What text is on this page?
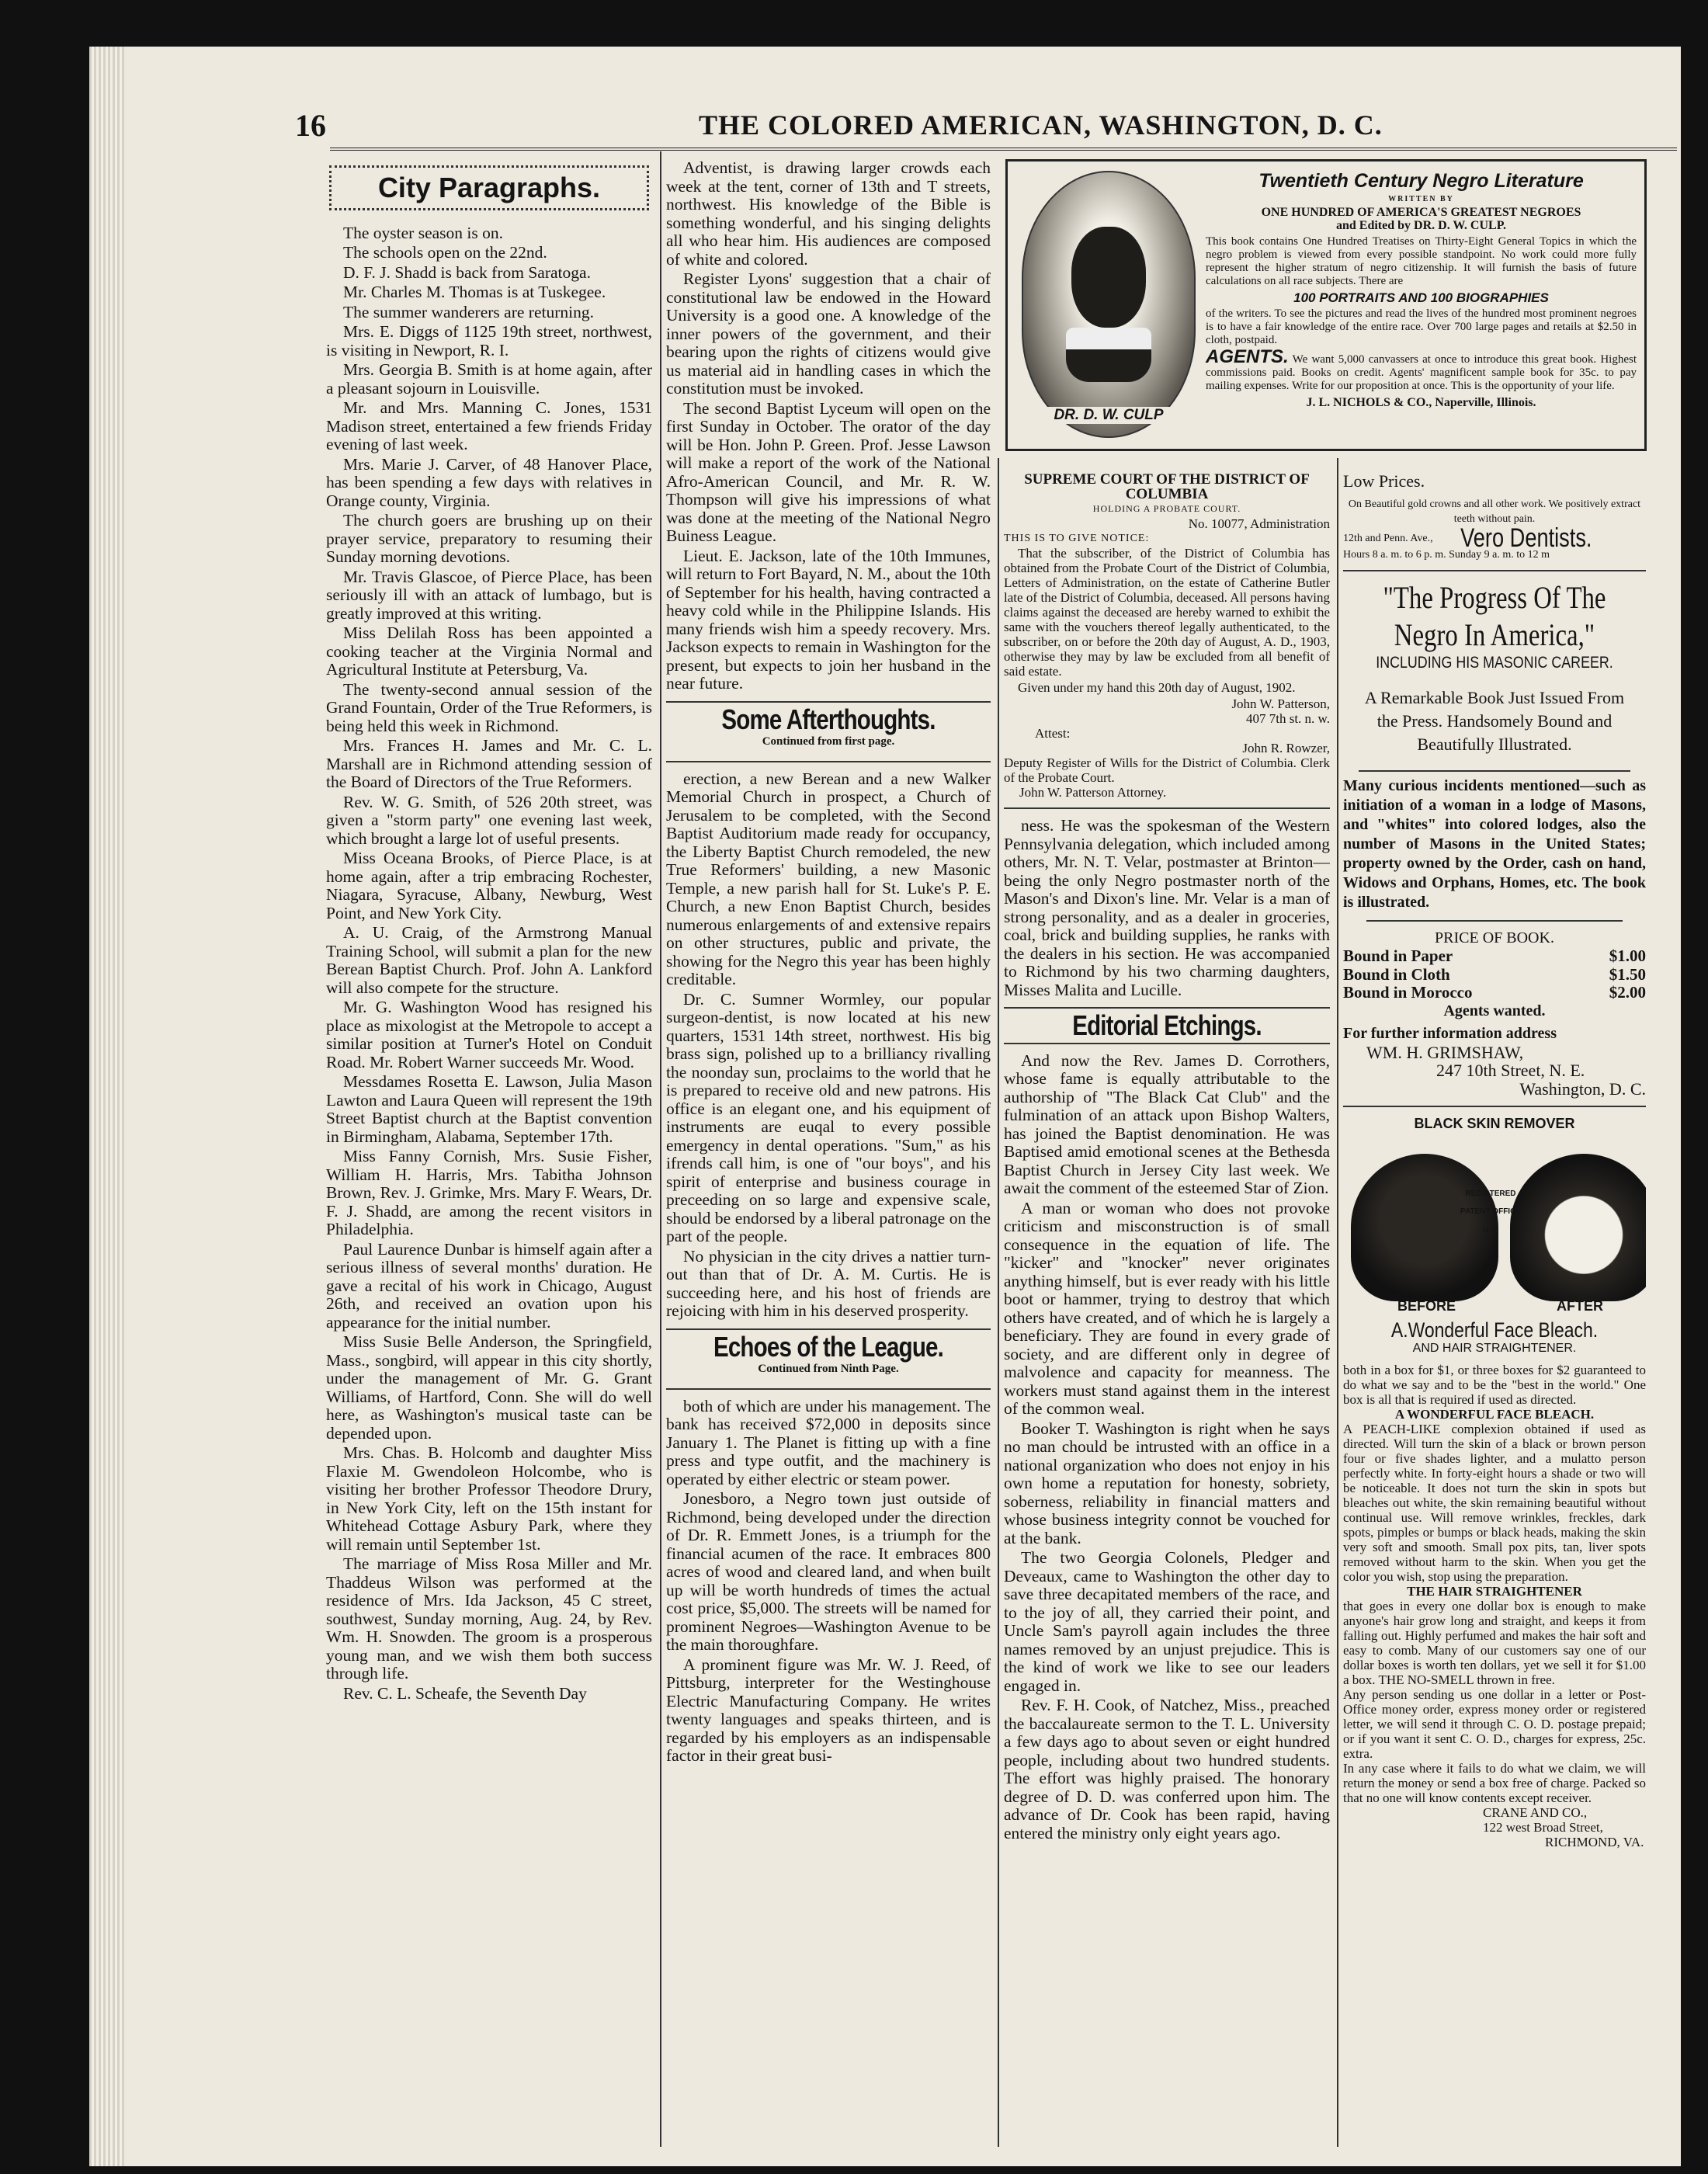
16	THE COLORED AMERICAN, WASHINGTON, D. C.
City Paragraphs.

The oyster season is on.

The schools open on the 22nd.

D. F. J. Shadd is back from Saratoga.

Mr. Charles M. Thomas is at Tuskegee.

The summer wanderers are returning.

Mrs. E. Diggs of 1125 19th street, northwest, is visiting in Newport, R. I.

Mrs. Georgia B. Smith is at home again, after a pleasant sojourn in Louisville.

Mr. and Mrs. Manning C. Jones, 1531 Madison street, entertained a few friends Friday evening of last week.

Mrs. Marie J. Carver, of 48 Hanover Place, has been spending a few days with relatives in Orange county, Virginia.

The church goers are brushing up on their prayer service, preparatory to resuming their Sunday morning devotions.

Mr. Travis Glascoe, of Pierce Place, has been seriously ill with an attack of lumbago, but is greatly improved at this writing.

Miss Delilah Ross has been appointed a cooking teacher at the Virginia Normal and Agricultural Institute at Petersburg, Va.

The twenty-second annual session of the Grand Fountain, Order of the True Reformers, is being held this week in Richmond.

Mrs. Frances H. James and Mr. C. L. Marshall are in Richmond attending session of the Board of Directors of the True Reformers.

Rev. W. G. Smith, of 526 20th street, was given a "storm party" one evening last week, which brought a large lot of useful presents.

Miss Oceana Brooks, of Pierce Place, is at home again, after a trip embracing Rochester, Niagara, Syracuse, Albany, Newburg, West Point, and New York City.

A. U. Craig, of the Armstrong Manual Training School, will submit a plan for the new Berean Baptist Church. Prof. John A. Lankford will also compete for the structure.

Mr. G. Washington Wood has resigned his place as mixologist at the Metropole to accept a similar position at Turner's Hotel on Conduit Road. Mr. Robert Warner succeeds Mr. Wood.

Messdames Rosetta E. Lawson, Julia Mason Lawton and Laura Queen will represent the 19th Street Baptist church at the Baptist convention in Birmingham, Alabama, September 17th.

Miss Fanny Cornish, Mrs. Susie Fisher, William H. Harris, Mrs. Tabitha Johnson Brown, Rev. J. Grimke, Mrs. Mary F. Wears, Dr. F. J. Shadd, are among the recent visitors in Philadelphia.

Paul Laurence Dunbar is himself again after a serious illness of several months' duration. He gave a recital of his work in Chicago, August 26th, and received an ovation upon his appearance for the initial number.

Miss Susie Belle Anderson, the Springfield, Mass., songbird, will appear in this city shortly, under the management of Mr. G. Grant Williams, of Hartford, Conn. She will do well here, as Washington's musical taste can be depended upon.

Mrs. Chas. B. Holcomb and daughter Miss Flaxie M. Gwendoleon Holcombe, who is visiting her brother Professor Theodore Drury, in New York City, left on the 15th instant for Whitehead Cottage Asbury Park, where they will remain until September 1st.

The marriage of Miss Rosa Miller and Mr. Thaddeus Wilson was performed at the residence of Mrs. Ida Jackson, 45 C street, southwest, Sunday morning, Aug. 24, by Rev. Wm. H. Snowden. The groom is a prosperous young man, and we wish them both success through life.

Rev. C. L. Scheafe, the Seventh Day

Adventist, is drawing larger crowds each week at the tent, corner of 13th and T streets, northwest. His knowledge of the Bible is something wonderful, and his singing delights all who hear him. His audiences are composed of white and colored.

Register Lyons' suggestion that a chair of constitutional law be endowed in the Howard University is a good one. A knowledge of the inner powers of the government, and their bearing upon the rights of citizens would give us material aid in handling cases in which the constitution must be invoked.

The second Baptist Lyceum will open on the first Sunday in October. The orator of the day will be Hon. John P. Green. Prof. Jesse Lawson will make a report of the work of the National Afro-American Council, and Mr. R. W. Thompson will give his impressions of what was done at the meeting of the National Negro Buiness League.

Lieut. E. Jackson, late of the 10th Immunes, will return to Fort Bayard, N. M., about the 10th of September for his health, having contracted a heavy cold while in the Philippine Islands. His many friends wish him a speedy recovery. Mrs. Jackson expects to remain in Washington for the present, but expects to join her husband in the near future.

Some Afterthoughts.
Continued from first page.

erection, a new Berean and a new Walker Memorial Church in prospect, a Church of Jerusalem to be completed, with the Second Baptist Auditorium made ready for occupancy, the Liberty Baptist Church remodeled, the new True Reformers' building, a new Masonic Temple, a new parish hall for St. Luke's P. E. Church, a new Enon Baptist Church, besides numerous enlargements of and extensive repairs on other structures, public and private, the showing for the Negro this year has been highly creditable.

Dr. C. Sumner Wormley, our popular surgeon-dentist, is now located at his new quarters, 1531 14th street, northwest. His big brass sign, polished up to a brilliancy rivalling the noonday sun, proclaims to the world that he is prepared to receive old and new patrons. His office is an elegant one, and his equipment of instruments are euqal to every possible emergency in dental operations. "Sum," as his ifrends call him, is one of "our boys", and his spirit of enterprise and business courage in preceeding on so large and expensive scale, should be endorsed by a liberal patronage on the part of the people.

No physician in the city drives a nattier turn-out than that of Dr. A. M. Curtis. He is succeeding here, and his host of friends are rejoicing with him in his deserved prosperity.

Echoes of the League.
Continued from Ninth Page.

both of which are under his management. The bank has received $72,000 in deposits since January 1. The Planet is fitting up with a fine press and type outfit, and the machinery is operated by either electric or steam power.

Jonesboro, a Negro town just outside of Richmond, being developed under the direction of Dr. R. Emmett Jones, is a triumph for the financial acumen of the race. It embraces 800 acres of wood and cleared land, and when built up will be worth hundreds of times the actual cost price, $5,000. The streets will be named for prominent Negroes—Washington Avenue to be the main thoroughfare.

A prominent figure was Mr. W. J. Reed, of Pittsburg, interpreter for the Westinghouse Electric Manufacturing Company. He writes twenty languages and speaks thirteen, and is regarded by his employers as an indispensable factor in their great busi-

DR. D. W. CULP
Twentieth Century Negro Literature
WRITTEN BY
ONE HUNDRED OF AMERICA'S GREATEST NEGROES
and Edited by DR. D. W. CULP.
This book contains One Hundred Treatises on Thirty-Eight General Topics in which the negro problem is viewed from every possible standpoint. No work could more fully represent the higher stratum of negro citizenship. It will furnish the basis of future calculations on all race subjects. There are
100 PORTRAITS AND 100 BIOGRAPHIES
of the writers. To see the pictures and read the lives of the hundred most prominent negroes is to have a fair knowledge of the entire race. Over 700 large pages and retails at $2.50 in cloth, postpaid.
AGENTS. We want 5,000 canvassers at once to introduce this great book. Highest commissions paid. Books on credit. Agents' magnificent sample book for 35c. to pay mailing expenses. Write for our proposition at once. This is the opportunity of your life.
J. L. NICHOLS & CO., Naperville, Illinois.
SUPREME COURT OF THE DISTRICT OF COLUMBIA
HOLDING A PROBATE COURT.
No. 10077, Administration
THIS IS TO GIVE NOTICE:

That the subscriber, of the District of Columbia has obtained from the Probate Court of the District of Columbia, Letters of Administration, on the estate of Catherine Butler late of the District of Columbia, deceased. All persons having claims against the deceased are hereby warned to exhibit the same with the vouchers thereof legally authenticated, to the subscriber, on or before the 20th day of August, A. D., 1903, otherwise they may by law be excluded from all benefit of said estate.

Given under my hand this 20th day of August, 1902.

John W. Patterson,
407 7th st. n. w.
Attest:
John R. Rowzer,
Deputy Register of Wills for the District of Columbia. Clerk of the Probate Court.
John W. Patterson Attorney.

ness. He was the spokesman of the Western Pennsylvania delegation, which included among others, Mr. N. T. Velar, postmaster at Brinton—being the only Negro postmaster north of the Mason's and Dixon's line. Mr. Velar is a man of strong personality, and as a dealer in groceries, coal, brick and building supplies, he ranks with the dealers in his section. He was accompanied to Richmond by his two charming daughters, Misses Malita and Lucille.

Editorial Etchings.

And now the Rev. James D. Corrothers, whose fame is equally attributable to the authorship of "The Black Cat Club" and the fulmination of an attack upon Bishop Walters, has joined the Baptist denomination. He was Baptised amid emotional scenes at the Bethesda Baptist Church in Jersey City last week. We await the comment of the esteemed Star of Zion.

A man or woman who does not provoke criticism and misconstruction is of small consequence in the equation of life. The "kicker" and "knocker" never originates anything himself, but is ever ready with his little boot or hammer, trying to destroy that which others have created, and of which he is largely a beneficiary. They are found in every grade of society, and are different only in degree of malvolence and capacity for meanness. The workers must stand against them in the interest of the common weal.

Booker T. Washington is right when he says no man chould be intrusted with an office in a national organization who does not enjoy in his own home a reputation for honesty, sobriety, soberness, reliability in financial matters and whose business integrity connot be vouched for at the bank.

The two Georgia Colonels, Pledger and Deveaux, came to Washington the other day to save three decapitated members of the race, and to the joy of all, they carried their point, and Uncle Sam's payroll again includes the three names removed by an unjust prejudice. This is the kind of work we like to see our leaders engaged in.

Rev. F. H. Cook, of Natchez, Miss., preached the baccalaureate sermon to the T. L. University a few days ago to about seven or eight hundred people, including about two hundred students. The effort was highly praised. The honorary degree of D. D. was conferred upon him. The advance of Dr. Cook has been rapid, having entered the ministry only eight years ago.

Low Prices.
On Beautiful gold crowns and all other work. We positively extract teeth without pain.
12th and Penn. Ave., Vero Dentists.
Hours 8 a. m. to 6 p. m. Sunday 9 a. m. to 12 m
"The Progress Of The
Negro In America,"
INCLUDING HIS MASONIC CAREER.
A Remarkable Book Just Issued From the Press. Handsomely Bound and Beautifully Illustrated.
Many curious incidents mentioned—such as initiation of a woman in a lodge of Masons, and "whites" into colored lodges, also the number of Masons in the United States; property owned by the Order, cash on hand, Widows and Orphans, Homes, etc. The book is illustrated.
PRICE OF BOOK.
Bound in Paper	$1.00
Bound in Cloth	$1.50
Bound in Morocco	$2.00
Agents wanted.
For further information address
WM. H. GRIMSHAW,
247 10th Street, N. E.
Washington, D. C.
BLACK SKIN REMOVER
REGISTERED PATENT OFFICE U.S.
BEFORE	AFTER
A.Wonderful Face Bleach.
AND HAIR STRAIGHTENER.
both in a box for $1, or three boxes for $2 guaranteed to do what we say and to be the "best in the world." One box is all that is required if used as directed.
A WONDERFUL FACE BLEACH.
A PEACH-LIKE complexion obtained if used as directed. Will turn the skin of a black or brown person four or five shades lighter, and a mulatto person perfectly white. In forty-eight hours a shade or two will be noticeable. It does not turn the skin in spots but bleaches out white, the skin remaining beautiful without continual use. Will remove wrinkles, freckles, dark spots, pimples or bumps or black heads, making the skin very soft and smooth. Small pox pits, tan, liver spots removed without harm to the skin. When you get the color you wish, stop using the preparation.
THE HAIR STRAIGHTENER
that goes in every one dollar box is enough to make anyone's hair grow long and straight, and keeps it from falling out. Highly perfumed and makes the hair soft and easy to comb. Many of our customers say one of our dollar boxes is worth ten dollars, yet we sell it for $1.00 a box. THE NO-SMELL thrown in free.
Any person sending us one dollar in a letter or Post-Office money order, express money order or registered letter, we will send it through C. O. D. postage prepaid; or if you want it sent C. O. D., charges for express, 25c. extra.
In any case where it fails to do what we claim, we will return the money or send a box free of charge. Packed so that no one will know contents except receiver.
CRANE AND CO.,
122 west Broad Street,
RICHMOND, VA.
